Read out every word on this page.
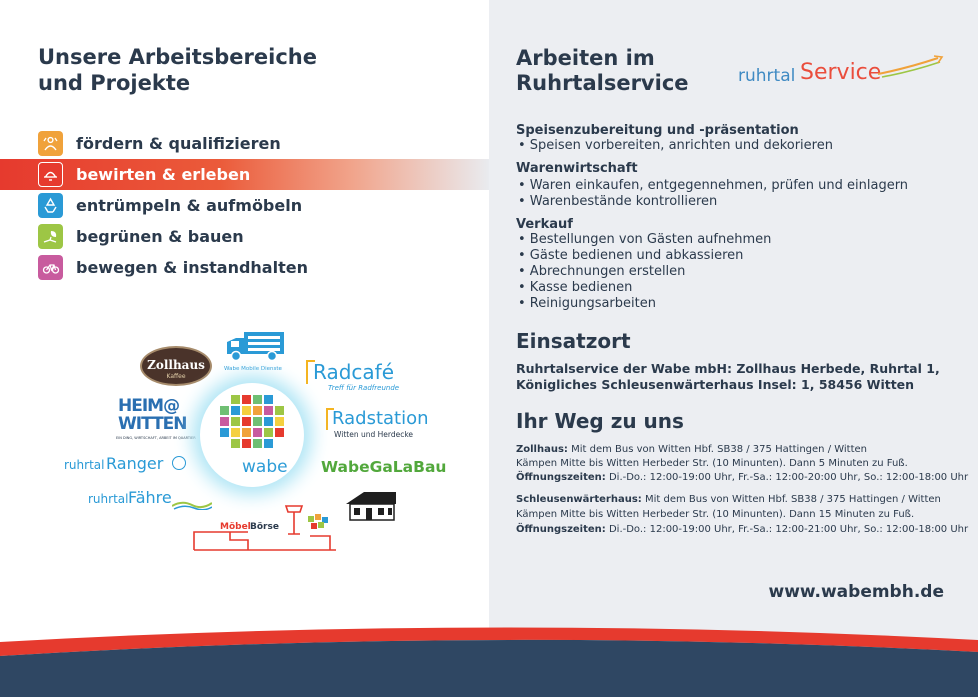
Unsere Arbeitsbereiche
und Projekte
fördern & qualifizieren
bewirten & erleben
entrümpeln & aufmöbeln
begrünen & bauen
bewegen & instandhalten
Zollhaus
Kaffee
Wabe Mobile Dienste Radcafé
Treff für Radfreunde
Radstation
Witten und Herdecke
HEIM@
WITTEN
EIN DING, WIRTSCHAFT, ARBEIT IM QUARTIER
wabe
ruhrtal Ranger
ruhrtal Fähre
WabeGaLaBau
Möbel Börse
Arbeiten im
Ruhrtalservice	ruhrtal Service
Speisenzubereitung und -präsentation
• Speisen vorbereiten, anrichten und dekorieren
Warenwirtschaft
• Waren einkaufen, entgegennehmen, prüfen und einlagern
• Warenbestände kontrollieren
Verkauf
• Bestellungen von Gästen aufnehmen
• Gäste bedienen und abkassieren
• Abrechnungen erstellen
• Kasse bedienen
• Reinigungsarbeiten
Einsatzort
Ruhrtalservice der Wabe mbH: Zollhaus Herbede, Ruhrtal 1,
Königliches Schleusenwärterhaus Insel: 1, 58456 Witten
Ihr Weg zu uns
Zollhaus: Mit dem Bus von Witten Hbf. SB38 / 375 Hattingen / Witten
Kämpen Mitte bis Witten Herbeder Str. (10 Minunten). Dann 5 Minuten zu Fuß.
Öffnungszeiten: Di.-Do.: 12:00-19:00 Uhr, Fr.-Sa.: 12:00-20:00 Uhr, So.: 12:00-18:00 Uhr
Schleusenwärterhaus: Mit dem Bus von Witten Hbf. SB38 / 375 Hattingen / Witten
Kämpen Mitte bis Witten Herbeder Str. (10 Minunten). Dann 15 Minuten zu Fuß.
Öffnungszeiten: Di.-Do.: 12:00-19:00 Uhr, Fr.-Sa.: 12:00-21:00 Uhr, So.: 12:00-18:00 Uhr
www.wabembh.de
